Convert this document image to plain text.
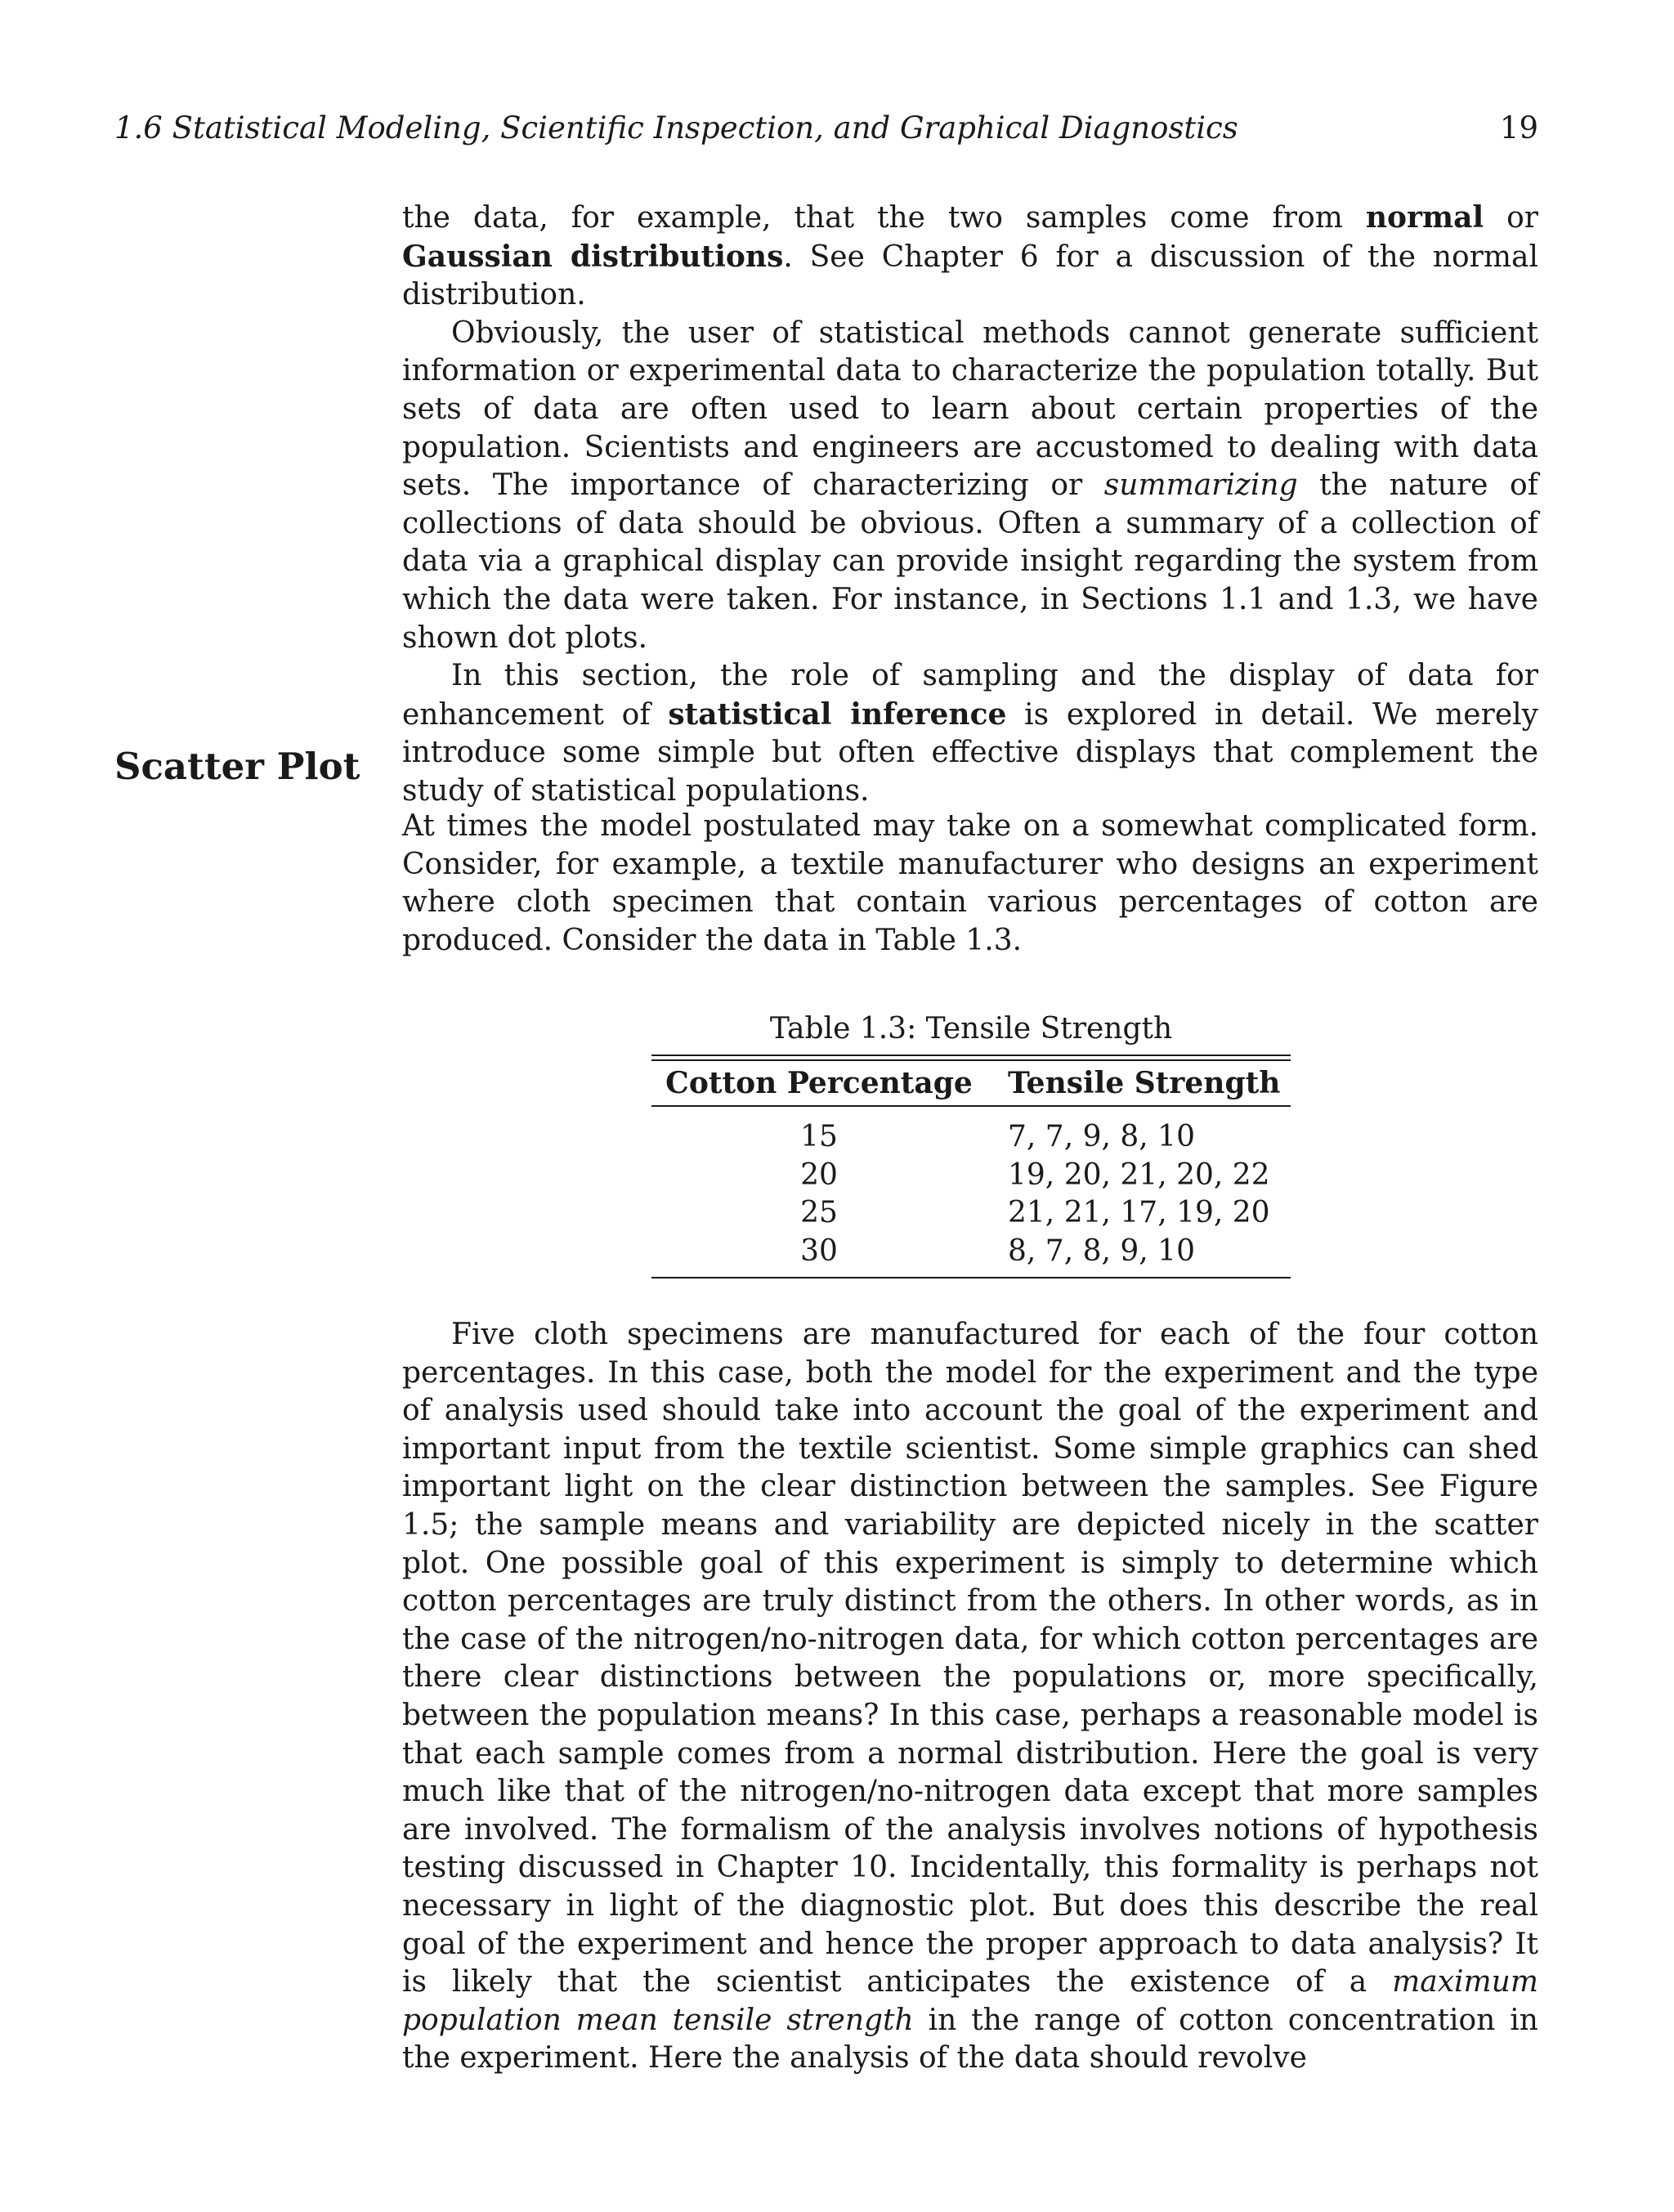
1.6 Statistical Modeling, Scientific Inspection, and Graphical Diagnostics	19

the data, for example, that the two samples come from normal or Gaussian distributions. See Chapter 6 for a discussion of the normal distribution.

Obviously, the user of statistical methods cannot generate sufficient information or experimental data to characterize the population totally. But sets of data are often used to learn about certain properties of the population. Scientists and engineers are accustomed to dealing with data sets. The importance of characterizing or summarizing the nature of collections of data should be obvious. Often a summary of a collection of data via a graphical display can provide insight regarding the system from which the data were taken. For instance, in Sections 1.1 and 1.3, we have shown dot plots.

In this section, the role of sampling and the display of data for enhancement of statistical inference is explored in detail. We merely introduce some simple but often effective displays that complement the study of statistical populations.

Scatter Plot

At times the model postulated may take on a somewhat complicated form. Consider, for example, a textile manufacturer who designs an experiment where cloth specimen that contain various percentages of cotton are produced. Consider the data in Table 1.3.

Table 1.3: Tensile Strength
Cotton Percentage	Tensile Strength
15	7, 7, 9, 8, 10
20	19, 20, 21, 20, 22
25	21, 21, 17, 19, 20
30	8, 7, 8, 9, 10

Five cloth specimens are manufactured for each of the four cotton percentages. In this case, both the model for the experiment and the type of analysis used should take into account the goal of the experiment and important input from the textile scientist. Some simple graphics can shed important light on the clear distinction between the samples. See Figure 1.5; the sample means and variability are depicted nicely in the scatter plot. One possible goal of this experiment is simply to determine which cotton percentages are truly distinct from the others. In other words, as in the case of the nitrogen/no-nitrogen data, for which cotton percentages are there clear distinctions between the populations or, more specifically, between the population means? In this case, perhaps a reasonable model is that each sample comes from a normal distribution. Here the goal is very much like that of the nitrogen/no-nitrogen data except that more samples are involved. The formalism of the analysis involves notions of hypothesis testing discussed in Chapter 10. Incidentally, this formality is perhaps not necessary in light of the diagnostic plot. But does this describe the real goal of the experiment and hence the proper approach to data analysis? It is likely that the scientist anticipates the existence of a maximum population mean tensile strength in the range of cotton concentration in the experiment. Here the analysis of the data should revolve
